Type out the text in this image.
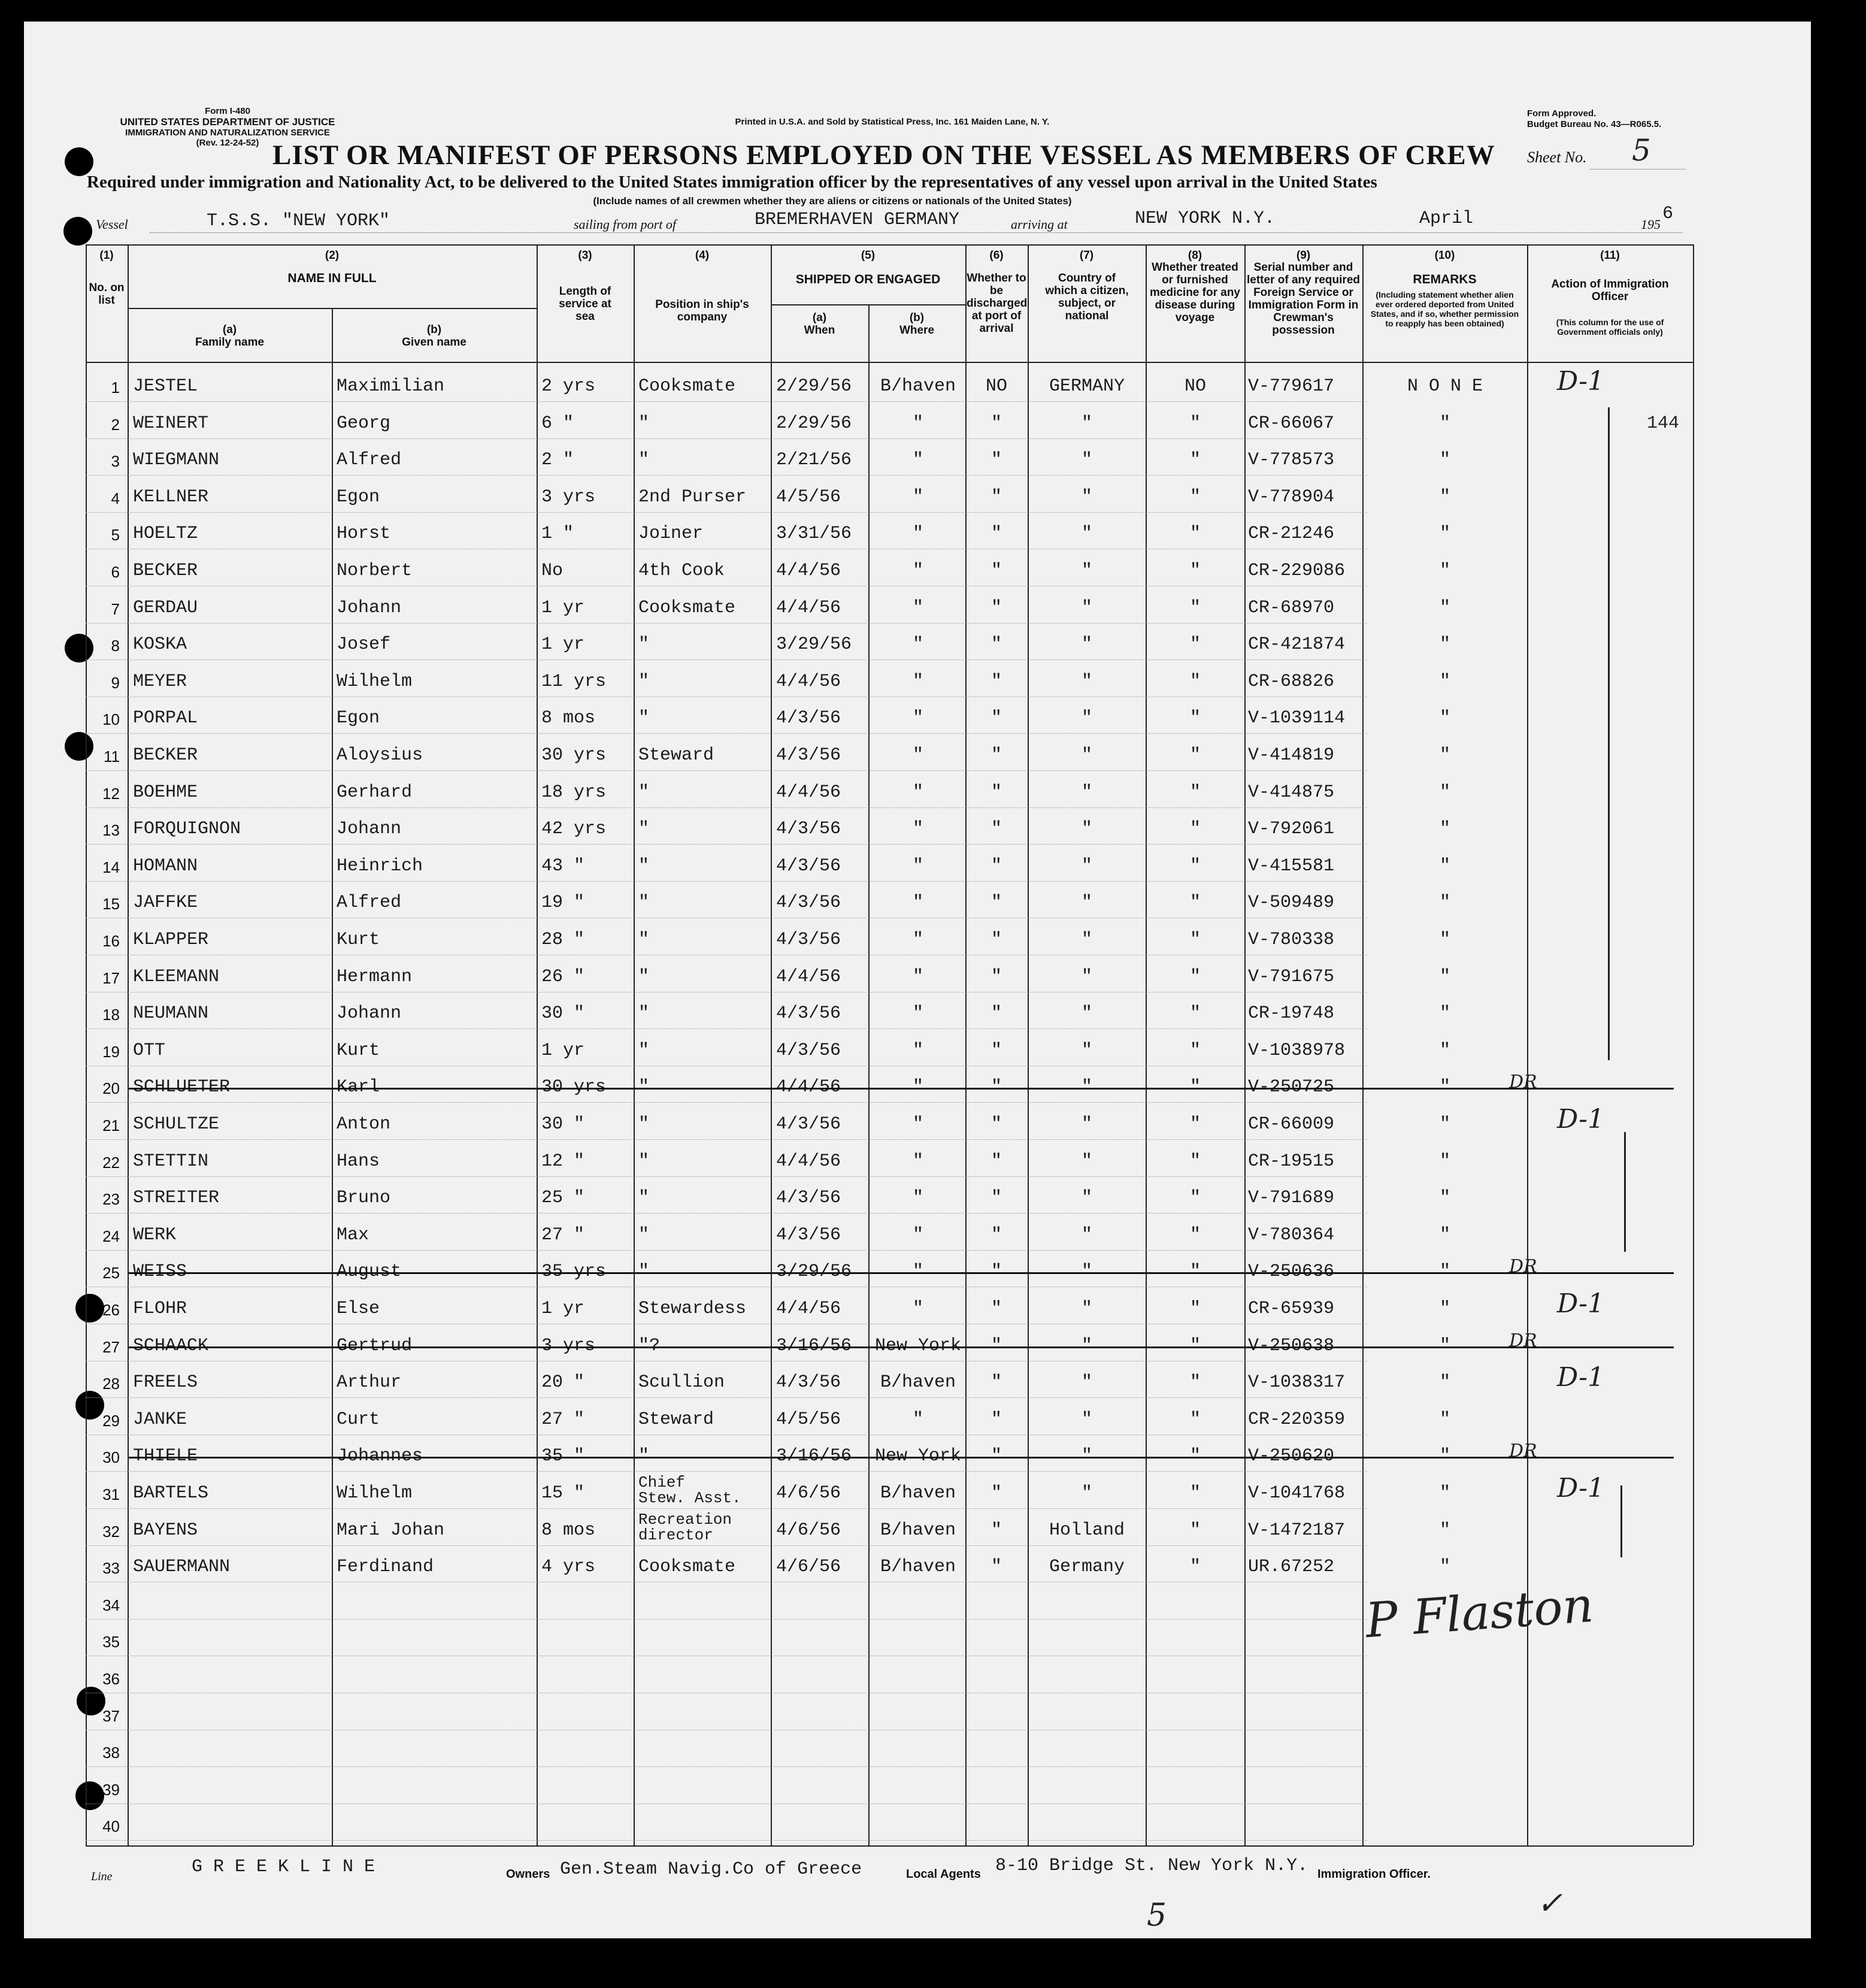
Form I-480
UNITED STATES DEPARTMENT OF JUSTICE
IMMIGRATION AND NATURALIZATION SERVICE
(Rev. 12-24-52)
Printed in U.S.A. and Sold by Statistical Press, Inc. 161 Maiden Lane, N. Y.
Form Approved.
Budget Bureau No. 43—R065.5.
LIST OR MANIFEST OF PERSONS EMPLOYED ON THE VESSEL AS MEMBERS OF CREW Sheet No. 5
Required under immigration and Nationality Act, to be delivered to the United States immigration officer by the representatives of any vessel upon arrival in the United States
(Include names of all crewmen whether they are aliens or citizens or nationals of the United States)
Vessel	T.S.S. "NEW YORK"	sailing from port of	BREMERHAVEN GERMANY	arriving at	NEW YORK N.Y.	April	195
6
(1)
No. on list
(2)
NAME IN FULL
(a)
Family name
(b)
Given name
(3)
Length of service at sea
(4)
Position in ship's company
(5)
SHIPPED OR ENGAGED
(a)
When
(b)
Where
(6)
Whether to be discharged at port of arrival
(7)
Country of which a citizen, subject, or national
(8)
Whether treated or furnished medicine for any disease during voyage
(9)
Serial number and letter of any required Foreign Service or Immigration Form in Crewman's possession
(10)
REMARKS
(Including statement whether alien ever ordered deported from United States, and if so, whether permission to reapply has been obtained)
(11)
Action of Immigration Officer
(This column for the use of Government officials only)
1 JESTEL	Maximilian	2 yrs	Cooksmate	2/29/56	B/haven	NO	GERMANY	NO	V-779617	N O N E	D-1
2 WEINERT	Georg	6 "	"	2/29/56	"	"	"	"	CR-66067	"	144
3 WIEGMANN	Alfred	2 "	"	2/21/56	"	"	"	"	V-778573	"
4 KELLNER	Egon	3 yrs	2nd Purser	4/5/56	"	"	"	"	V-778904	"
5 HOELTZ	Horst	1 "	Joiner	3/31/56	"	"	"	"	CR-21246	"
6 BECKER	Norbert	No	4th Cook	4/4/56	"	"	"	"	CR-229086	"
7 GERDAU	Johann	1 yr	Cooksmate	4/4/56	"	"	"	"	CR-68970	"
8 KOSKA	Josef	1 yr	"	3/29/56	"	"	"	"	CR-421874	"
9 MEYER	Wilhelm	11 yrs	"	4/4/56	"	"	"	"	CR-68826	"
10 PORPAL	Egon	8 mos	"	4/3/56	"	"	"	"	V-1039114	"
11 BECKER	Aloysius	30 yrs	Steward	4/3/56	"	"	"	"	V-414819	"
12 BOEHME	Gerhard	18 yrs	"	4/4/56	"	"	"	"	V-414875	"
13 FORQUIGNON	Johann	42 yrs	"	4/3/56	"	"	"	"	V-792061	"
14 HOMANN	Heinrich	43 "	"	4/3/56	"	"	"	"	V-415581	"
15 JAFFKE	Alfred	19 "	"	4/3/56	"	"	"	"	V-509489	"
16 KLAPPER	Kurt	28 "	"	4/3/56	"	"	"	"	V-780338	"
17 KLEEMANN	Hermann	26 "	"	4/4/56	"	"	"	"	V-791675	"
18 NEUMANN	Johann	30 "	"	4/3/56	"	"	"	"	CR-19748	"
19 OTT	Kurt	1 yr	"	4/3/56	"	"	"	"	V-1038978	"
20 SCHLUETER	Karl	30 yrs	"	4/4/56	"	"	"	"	V-250725	"	DR
21 SCHULTZE	Anton	30 "	"	4/3/56	"	"	"	"	CR-66009	"	D-1
22 STETTIN	Hans	12 "	"	4/4/56	"	"	"	"	CR-19515	"
23 STREITER	Bruno	25 "	"	4/3/56	"	"	"	"	V-791689	"
24 WERK	Max	27 "	"	4/3/56	"	"	"	"	V-780364	"
25 WEISS	August	35 yrs	"	3/29/56	"	"	"	"	V-250636	"	DR
26 FLOHR	Else	1 yr	Stewardess	4/4/56	"	"	"	"	CR-65939	"	D-1
27 SCHAACK	Gertrud	3 yrs	"?	3/16/56	New York	"	"	"	V-250638	"	DR
28 FREELS	Arthur	20 "	Scullion	4/3/56	B/haven	"	"	"	V-1038317	"	D-1
29 JANKE	Curt	27 "	Steward	4/5/56	"	"	"	"	CR-220359	"
30 THIELE	Johannes	35 "	"	3/16/56	New York	"	"	"	V-250620	"	DR
31 BARTELS	Wilhelm	15 "
Chief
Stew. Asst.	4/6/56	B/haven	"	"	"	V-1041768	"	D-1
32 BAYENS	Mari Johan	8 mos
Recreation
director	4/6/56	B/haven	"	Holland	"	V-1472187	"
33 SAUERMANN	Ferdinand	4 yrs	Cooksmate	4/6/56	B/haven	"	Germany	"	UR.67252	"
34
35
36
37
38
39
40
Line	G R E E K L I N E	Owners Gen.Steam Navig.Co of Greece	Local Agents 8-10 Bridge St. New York N.Y. Immigration Officer.
P Flaston
5	✓
